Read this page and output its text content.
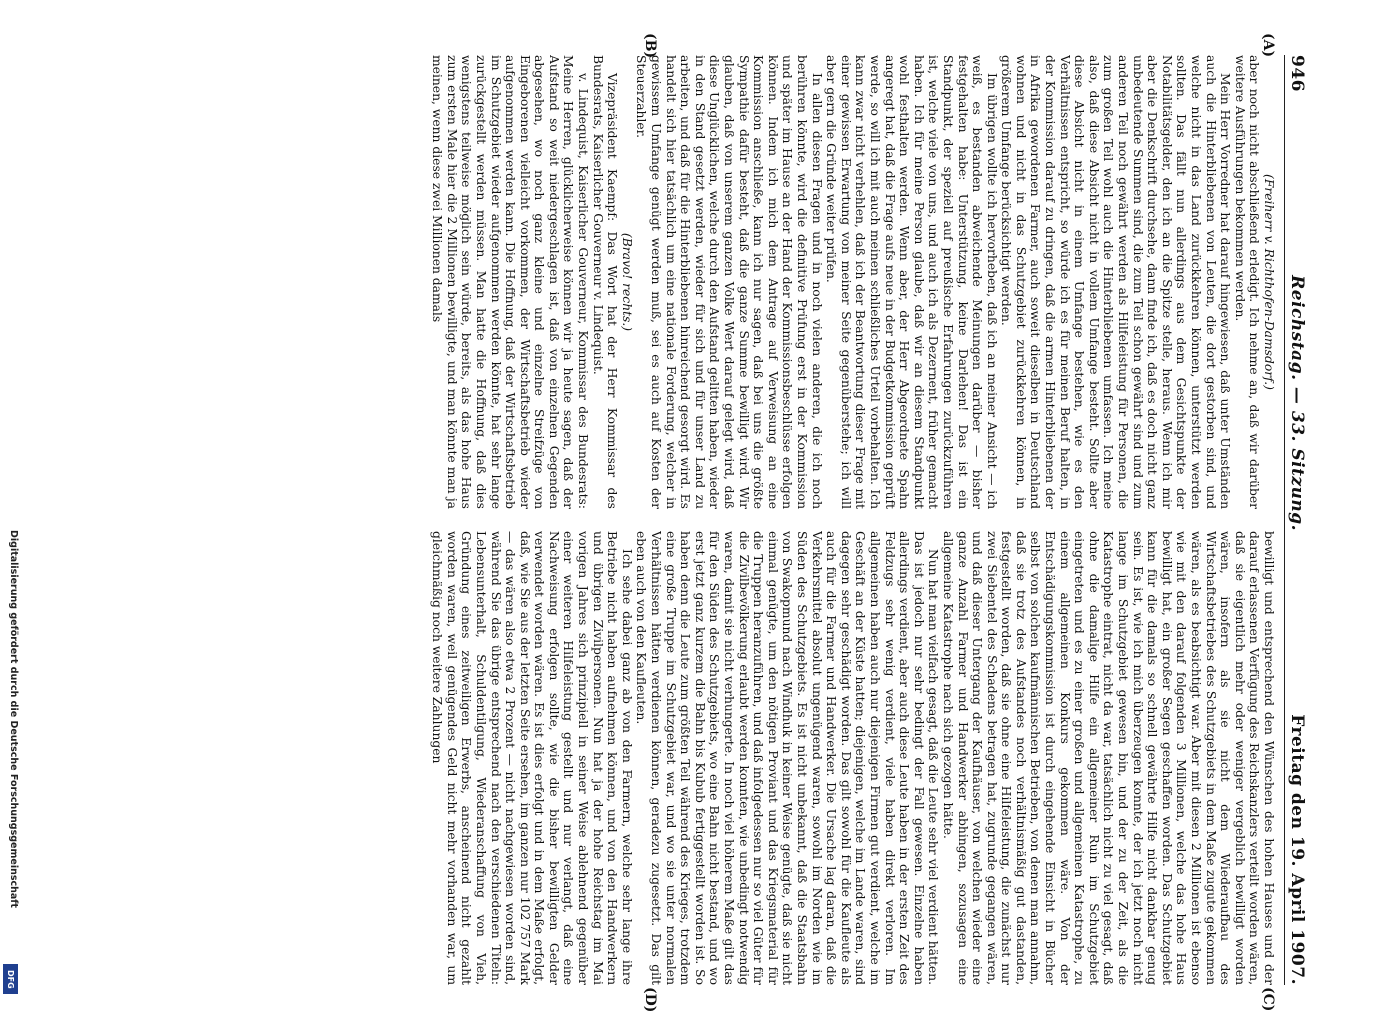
946
Reichstag. — 33. Sitzung.
Freitag den 19. April 1907.

(Freiherr v. Richthofen-Damsdorf.)

aber noch nicht abschließend erledigt. Ich nehme an, daß wir darüber weitere Ausführungen bekommen werden.

Mein Herr Vorredner hat darauf hingewiesen, daß unter Umständen auch die Hinterbliebenen von Leuten, die dort gestorben sind, und welche nicht in das Land zurückkehren können, unterstützt werden sollten. Das fällt nun allerdings aus dem Gesichtspunkte der Notabilitätsgelder, den ich an die Spitze stelle, heraus. Wenn ich mir aber die Denkschrift durchsehe, dann finde ich, daß es doch nicht ganz unbedeutende Summen sind, die zum Teil schon gewährt sind und zum anderen Teil noch gewährt werden als Hilfeleistung für Personen, die zum großen Teil wohl auch die Hinterbliebenen umfassen. Ich meine also, daß diese Absicht nicht in vollem Umfange besteht. Sollte aber diese Absicht nicht in einem Umfange bestehen, wie es den Verhältnissen entspricht, so würde ich es für meinen Beruf halten, in der Kommission darauf zu dringen, daß die armen Hinterbliebenen der in Afrika gewordenen Farmer, auch soweit dieselben in Deutschland wohnen und nicht in das Schutzgebiet zurückkehren können, in größerem Umfange berücksichtigt werden.

Im übrigen wollte ich hervorheben, daß ich an meiner Ansicht — ich weiß, es bestanden abweichende Meinungen darüber — bisher festgehalten habe: Unterstützung, keine Darlehen! Das ist ein Standpunkt, der speziell auf preußische Erfahrungen zurückzuführen ist, welche viele von uns, und auch ich als Dezernent, früher gemacht haben. Ich für meine Person glaube, daß wir an diesem Standpunkt wohl festhalten werden. Wenn aber, der Herr Abgeordnete Spahn angeregt hat, daß die Frage aufs neue in der Budgetkommission geprüft werde, so will ich mit auch meinen schließliches Urteil vorbehalten. Ich kann zwar nicht verhehlen, daß ich der Beantwortung dieser Frage mit einer gewissen Erwartung von meiner Seite gegenüberstehe; ich will aber gern die Gründe weiter prüfen.

In allen diesen Fragen und in noch vielen anderen, die ich noch berühren könnte, wird die definitive Prüfung erst in der Kommission und später im Hause an der Hand der Kommissionsbeschlüsse erfolgen können. Indem ich mich dem Antrage auf Verweisung an eine Kommission anschließe, kann ich nur sagen, daß bei uns die größte Sympathie dafür besteht, daß die ganze Summe bewilligt wird. Wir glauben, daß von unserem ganzen Volke Wert darauf gelegt wird, daß diese Unglücklichen, welche durch den Aufstand gelitten haben, wieder in den Stand gesetzt werden, wieder für sich und für unser Land zu arbeiten, und daß für die Hinterbliebenen hinreichend gesorgt wird. Es handelt sich hier tatsächlich um eine nationale Forderung, welcher in gewissem Umfange genügt werden muß, sei es auch auf Kosten der Steuerzahler.

(Bravo! rechts.)

Vizepräsident Kaempf: Das Wort hat der Herr Kommissar des Bundesrats, Kaiserlicher Gouverneur v. Lindequist.

v. Lindequist, Kaiserlicher Gouverneur, Kommissar des Bundesrats: Meine Herren, glücklicherweise können wir ja heute sagen, daß der Aufstand so weit niedergeschlagen ist, daß von einzelnen Gegenden abgesehen, wo noch ganz kleine und einzelne Streifzüge von Eingeborenen vielleicht vorkommen, der Wirtschaftsbetrieb wieder aufgenommen werden kann. Die Hoffnung, daß der Wirtschaftsbetrieb im Schutzgebiet wieder aufgenommen werden könnte, hat sehr lange zurückgestellt werden müssen. Man hatte die Hoffnung, daß dies wenigstens teilweise möglich sein würde, bereits, als das hohe Haus zum ersten Male hier die 2 Millionen bewilligte, und man könnte man ja meinen, wenn diese zwei Millionen damals

bewilligt und entsprechend den Wünschen des hohen Hauses und der darauf erlassenen Verfügung des Reichskanzlers verteilt worden wären, daß sie eigentlich mehr oder weniger vergeblich bewilligt worden wären, insofern als sie nicht dem Wiederaufbau des Wirtschaftsbetriebes des Schutzgebiets in dem Maße zugute gekommen wären, als es beabsichtigt war. Aber mit diesen 2 Millionen ist ebenso wie mit den darauf folgenden 3 Millionen, welche das hohe Haus bewilligt hat, ein großer Segen geschaffen worden. Das Schutzgebiet kann für die damals so schnell gewährte Hilfe nicht dankbar genug sein. Es ist, wie ich mich überzeugen konnte, der ich jetzt noch nicht lange im Schutzgebiet gewesen bin, und der zu der Zeit, als die Katastrophe eintrat, nicht da war, tatsächlich nicht zu viel gesagt, daß ohne die damalige Hilfe ein allgemeiner Ruin im Schutzgebiet eingetreten und es zu einer großen und allgemeinen Katastrophe, zu einem allgemeinen Konkurs gekommen wäre. Von der Entschädigungskommission ist durch eingehende Einsicht in Bücher selbst von solchen kaufmännischen Betrieben, von denen man annahm, daß sie trotz des Aufstandes noch verhältnismäßig gut dastanden, festgestellt worden, daß sie ohne eine Hilfeleistung, die zunächst nur zwei Siebentel des Schadens betragen hat, zugrunde gegangen wären, und daß dieser Untergang der Kaufhäuser, von welchen wieder eine ganze Anzahl Farmer und Handwerker abhingen, sozusagen eine allgemeine Katastrophe nach sich gezogen hätte.

Nun hat man vielfach gesagt, daß die Leute sehr viel verdient hätten. Das ist jedoch nur sehr bedingt der Fall gewesen. Einzelne haben allerdings verdient, aber auch diese Leute haben in der ersten Zeit des Feldzugs sehr wenig verdient, viele haben direkt verloren. Im allgemeinen haben auch nur diejenigen Firmen gut verdient, welche im Geschäft an der Küste hatten; diejenigen, welche im Lande waren, sind dagegen sehr geschädigt worden. Das gilt sowohl für die Kaufleute als auch für die Farmer und Handwerker. Die Ursache lag daran, daß die Verkehrsmittel absolut ungenügend waren, sowohl im Norden wie im Süden des Schutzgebiets. Es ist nicht unbekannt, daß die Staatsbahn von Swakopmund nach Windhuk in keiner Weise genügte, daß sie nicht einmal genügte, um den nötigen Proviant und das Kriegsmaterial für die Truppen heranzuführen, und daß infolgedessen nur so viel Güter für die Zivilbevölkerung erlaubt werden konnten, wie unbedingt notwendig waren, damit sie nicht verhungerte. In noch viel höherem Maße gilt das für den Süden des Schutzgebiets, wo eine Bahn nicht bestand, und wo erst jetzt ganz kurzem die Bahn bis Kubub fertiggestellt worden ist. So haben denn die Leute zum größten Teil während des Krieges, trotzdem eine große Truppe im Schutzgebiet war, und wo sie unter normalen Verhältnissen hätten verdienen können, geradezu zugesetzt. Das gilt eben auch von den Kaufleuten.

Ich sehe dabei ganz ab von den Farmern, welche sehr lange ihre Betriebe nicht haben aufnehmen können, und von den Handwerkern und übrigen Zivilpersonen. Nun hat ja der hohe Reichstag im Mai vorigen Jahres sich prinzipiell in seiner Weise ablehnend gegenüber einer weiteren Hilfeleistung gestellt und nur verlangt, daß eine Nachweisung erfolgen sollte, wie die bisher bewilligten Gelder verwendet worden wären. Es ist dies erfolgt und in dem Maße erfolgt, daß, wie Sie aus der letzten Seite ersehen, im ganzen nur 102 757 Mark — das wären also etwa 2 Prozent — nicht nachgewiesen worden sind, während Sie das übrige entsprechend nach den verschiedenen Titeln: Lebensunterhalt, Schuldentilgung, Wiederanschaffung von Vieh, Gründung eines zeitweiligen Erwerbs, anscheinend nicht gezahlt worden waren, weil genügendes Geld nicht mehr vorhanden war, um gleichmäßig noch weitere Zahlungen

(A)
(B)
(C)
(D)
Digitalisierung gefördert durch die Deutsche Forschungsgemeinschaft
DFG
